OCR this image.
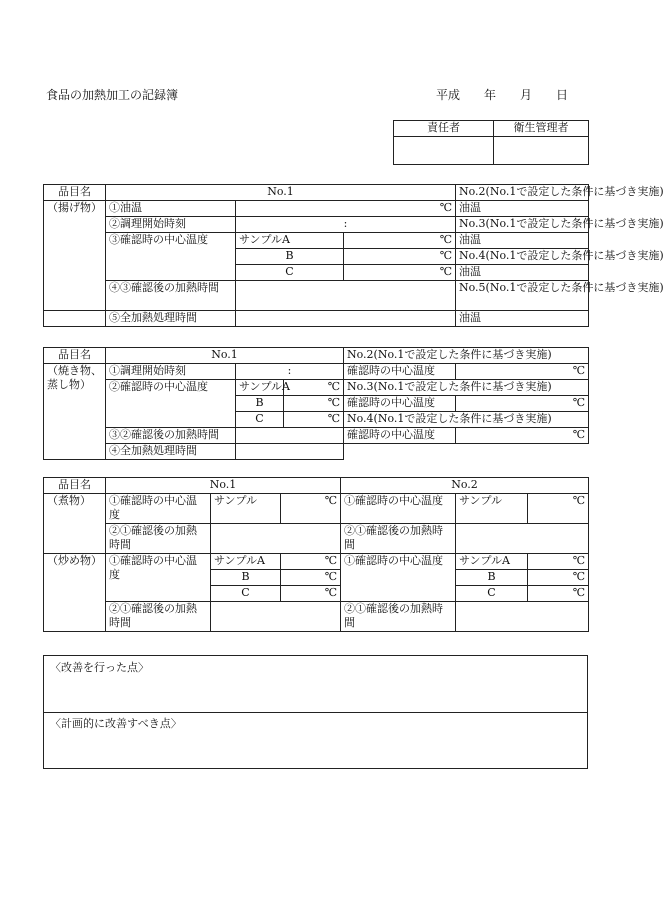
食品の加熱加工の記録簿	平成 年 月 日
責任者	衛生管理者

品目名	No.1			No.2(No.1で設定した条件に基づき実施)
（揚げ物）	①油温	℃		油温
	②調理開始時刻	:		No.3(No.1で設定した条件に基づき実施)
	③確認時の中心温度	サンプルA	℃	油温
		B	℃	No.4(No.1で設定した条件に基づき実施)
		C	℃	油温
	④③確認後の加熱時間			No.5(No.1で設定した条件に基づき実施)
	⑤全加熱処理時間			油温
品目名	No.1			No.2(No.1で設定した条件に基づき実施)	
（焼き物、蒸し物）	①調理開始時刻	:		確認時の中心温度	℃
	②確認時の中心温度	サンプルA	℃	No.3(No.1で設定した条件に基づき実施)	
		B	℃	確認時の中心温度	℃
		C	℃	No.4(No.1で設定した条件に基づき実施)	
	③②確認後の加熱時間			確認時の中心温度	℃
	④全加熱処理時間				
品目名	No.1			No.2		
（煮物）	①確認時の中心温度	サンプル	℃	①確認時の中心温度	サンプル	℃
	②①確認後の加熱時間			②①確認後の加熱時間		
（炒め物）	①確認時の中心温度	サンプルA	℃	①確認時の中心温度	サンプルA	℃
		B	℃		B	℃
		C	℃		C	℃
	②①確認後の加熱時間			②①確認後の加熱時間		
〈改善を行った点〉
〈計画的に改善すべき点〉
